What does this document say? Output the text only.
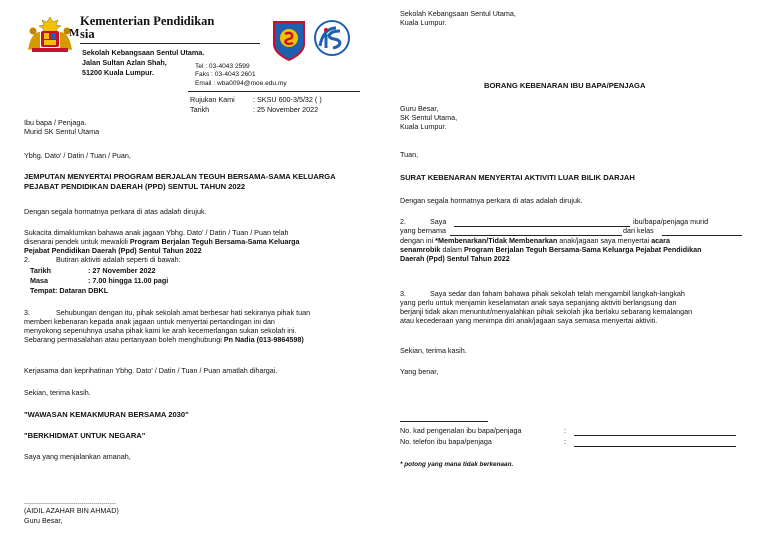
Kementerian Pendidikan
M sia
Sekolah Kebangsaan Sentul Utama.
Jalan Sultan Azlan Shah,
51200 Kuala Lumpur.
Tel : 03-4043 2599
Faks : 03-4043 2601
Email : wba0094@moe.edu.my
Rujukan Kami	: SKSU 600-3/5/32 ( )
Tarikh	: 25 November 2022
Ibu bapa / Penjaga.
Murid SK Sentul Utama
Ybhg. Dato' / Datin / Tuan / Puan,
JEMPUTAN MENYERTAI PROGRAM BERJALAN TEGUH BERSAMA-SAMA KELUARGA
PEJABAT PENDIDIKAN DAERAH (PPD) SENTUL TAHUN 2022
Dengan segala hormatnya perkara di atas adalah dirujuk.
Sukacita dimaklumkan bahawa anak jagaan Ybhg. Dato' / Datin / Tuan / Puan telah
disenarai pendek untuk mewakili Program Berjalan Teguh Bersama-Sama Keluarga
Pejabat Pendidikan Daerah (Ppd) Sentul Tahun 2022
2.	Butiran aktiviti adalah seperti di bawah:
Tarikh	: 27 November 2022
Masa	: 7.00 hingga 11.00 pagi
Tempat: Dataran DBKL
3.	Sehubungan dengan itu, pihak sekolah amat berbesar hati sekiranya pihak tuan
memberi kebenaran kepada anak jagaan untuk menyertai pertandingan ini dan
menyokong sepenuhnya usaha pihak kami ke arah kecemerlangan sukan sekolah ini.
Sebarang permasalahan atau pertanyaan boleh menghubungi Pn Nadia (013-9864598)
Kerjasama dan keprihatinan Ybhg. Dato' / Datin / Tuan / Puan amatlah dihargai.
Sekian, terima kasih.
"WAWASAN KEMAKMURAN BERSAMA 2030"
"BERKHIDMAT UNTUK NEGARA"
Saya yang menjalankan amanah,
..............................................
(AIDIL AZAHAR BIN AHMAD)
Guru Besar,
Sekolah Kebangsaan Sentul Utama,
Kuala Lumpur.
BORANG KEBENARAN IBU BAPA/PENJAGA
Guru Besar,
SK Sentul Utama,
Kuala Lumpur.
Tuan,
SURAT KEBENARAN MENYERTAI AKTIVITI LUAR BILIK DARJAH
Dengan segala hormatnya perkara di atas adalah dirujuk.
2.	Saya	ibu/bapa/penjaga murid
yang bernama	dari kelas
dengan ini *Membenarkan/Tidak Membenarkan anak/jagaan saya menyertai acara
senamrobik dalam Program Berjalan Teguh Bersama-Sama Keluarga Pejabat Pendidikan
Daerah (Ppd) Sentul Tahun 2022
3.	Saya sedar dan faham bahawa pihak sekolah telah mengambil langkah-langkah
yang perlu untuk menjamin keselamatan anak saya sepanjang aktiviti berlangsung dan
berjanji tidak akan menuntut/menyalahkan pihak sekolah jika berlaku sebarang kemalangan
atau kecederaan yang menimpa diri anak/jagaan saya semasa menyertai aktiviti.
Sekian, terima kasih.
Yang benar,
No. kad pengenalan ibu bapa/penjaga	:
No. telefon ibu bapa/penjaga	:
* potong yang mana tidak berkenaan.
